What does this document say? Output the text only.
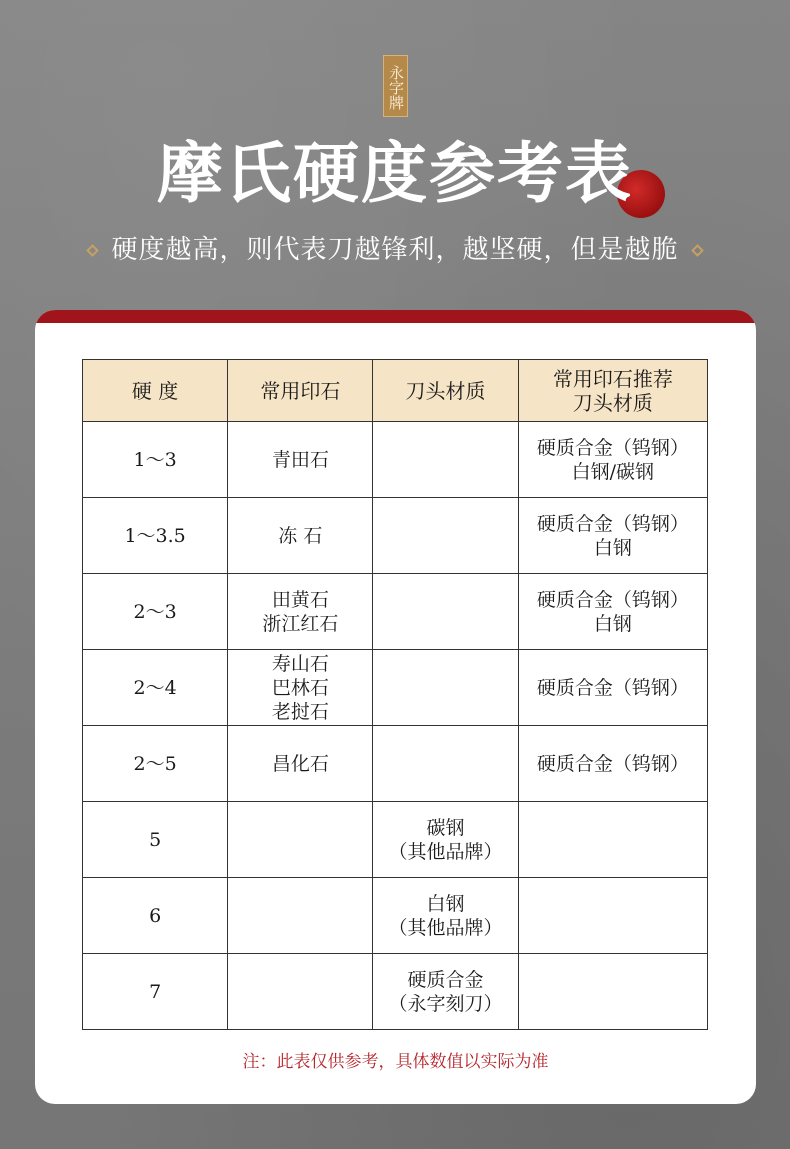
永字牌
摩氏硬度参考表
硬度越高，则代表刀越锋利，越坚硬，但是越脆
硬 度	常用印石	刀头材质	常用印石推荐
刀头材质
1～3	青田石		硬质合金（钨钢）
白钢/碳钢
1～3.5	冻 石		硬质合金（钨钢）
白钢
2～3	田黄石
浙江红石		硬质合金（钨钢）
白钢
2～4	寿山石
巴林石
老挝石		硬质合金（钨钢）
2～5	昌化石		硬质合金（钨钢）
5		碳钢
（其他品牌）	
6		白钢
（其他品牌）	
7		硬质合金
（永字刻刀）	
注：此表仅供参考，具体数值以实际为准
